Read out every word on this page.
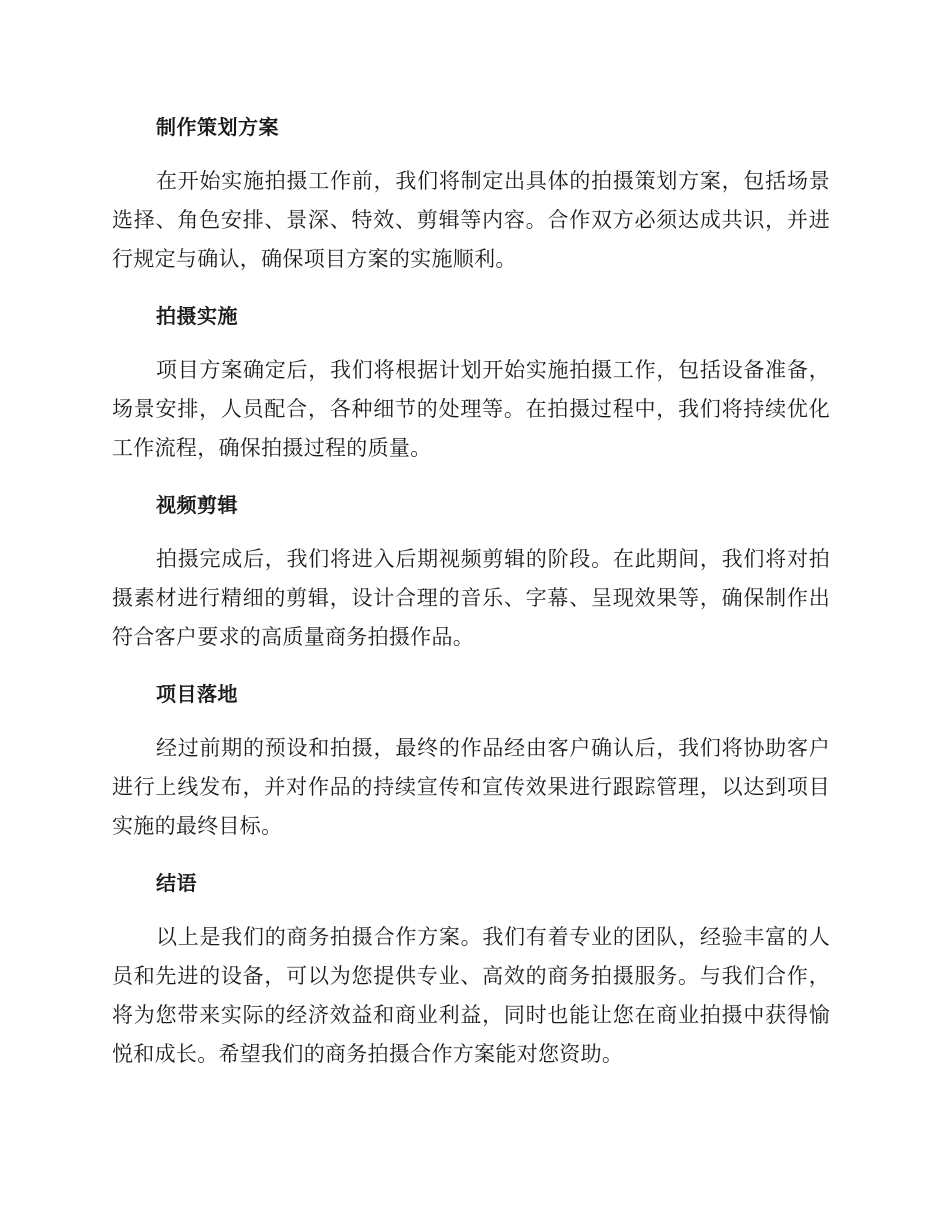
制作策划方案

在开始实施拍摄工作前，我们将制定出具体的拍摄策划方案，包括场景选择、角色安排、景深、特效、剪辑等内容。合作双方必须达成共识，并进行规定与确认，确保项目方案的实施顺利。

拍摄实施

项目方案确定后，我们将根据计划开始实施拍摄工作，包括设备准备，场景安排，人员配合，各种细节的处理等。在拍摄过程中，我们将持续优化工作流程，确保拍摄过程的质量。

视频剪辑

拍摄完成后，我们将进入后期视频剪辑的阶段。在此期间，我们将对拍摄素材进行精细的剪辑，设计合理的音乐、字幕、呈现效果等，确保制作出符合客户要求的高质量商务拍摄作品。

项目落地

经过前期的预设和拍摄，最终的作品经由客户确认后，我们将协助客户进行上线发布，并对作品的持续宣传和宣传效果进行跟踪管理，以达到项目实施的最终目标。

结语

以上是我们的商务拍摄合作方案。我们有着专业的团队，经验丰富的人员和先进的设备，可以为您提供专业、高效的商务拍摄服务。与我们合作，将为您带来实际的经济效益和商业利益，同时也能让您在商业拍摄中获得愉悦和成长。希望我们的商务拍摄合作方案能对您资助。
